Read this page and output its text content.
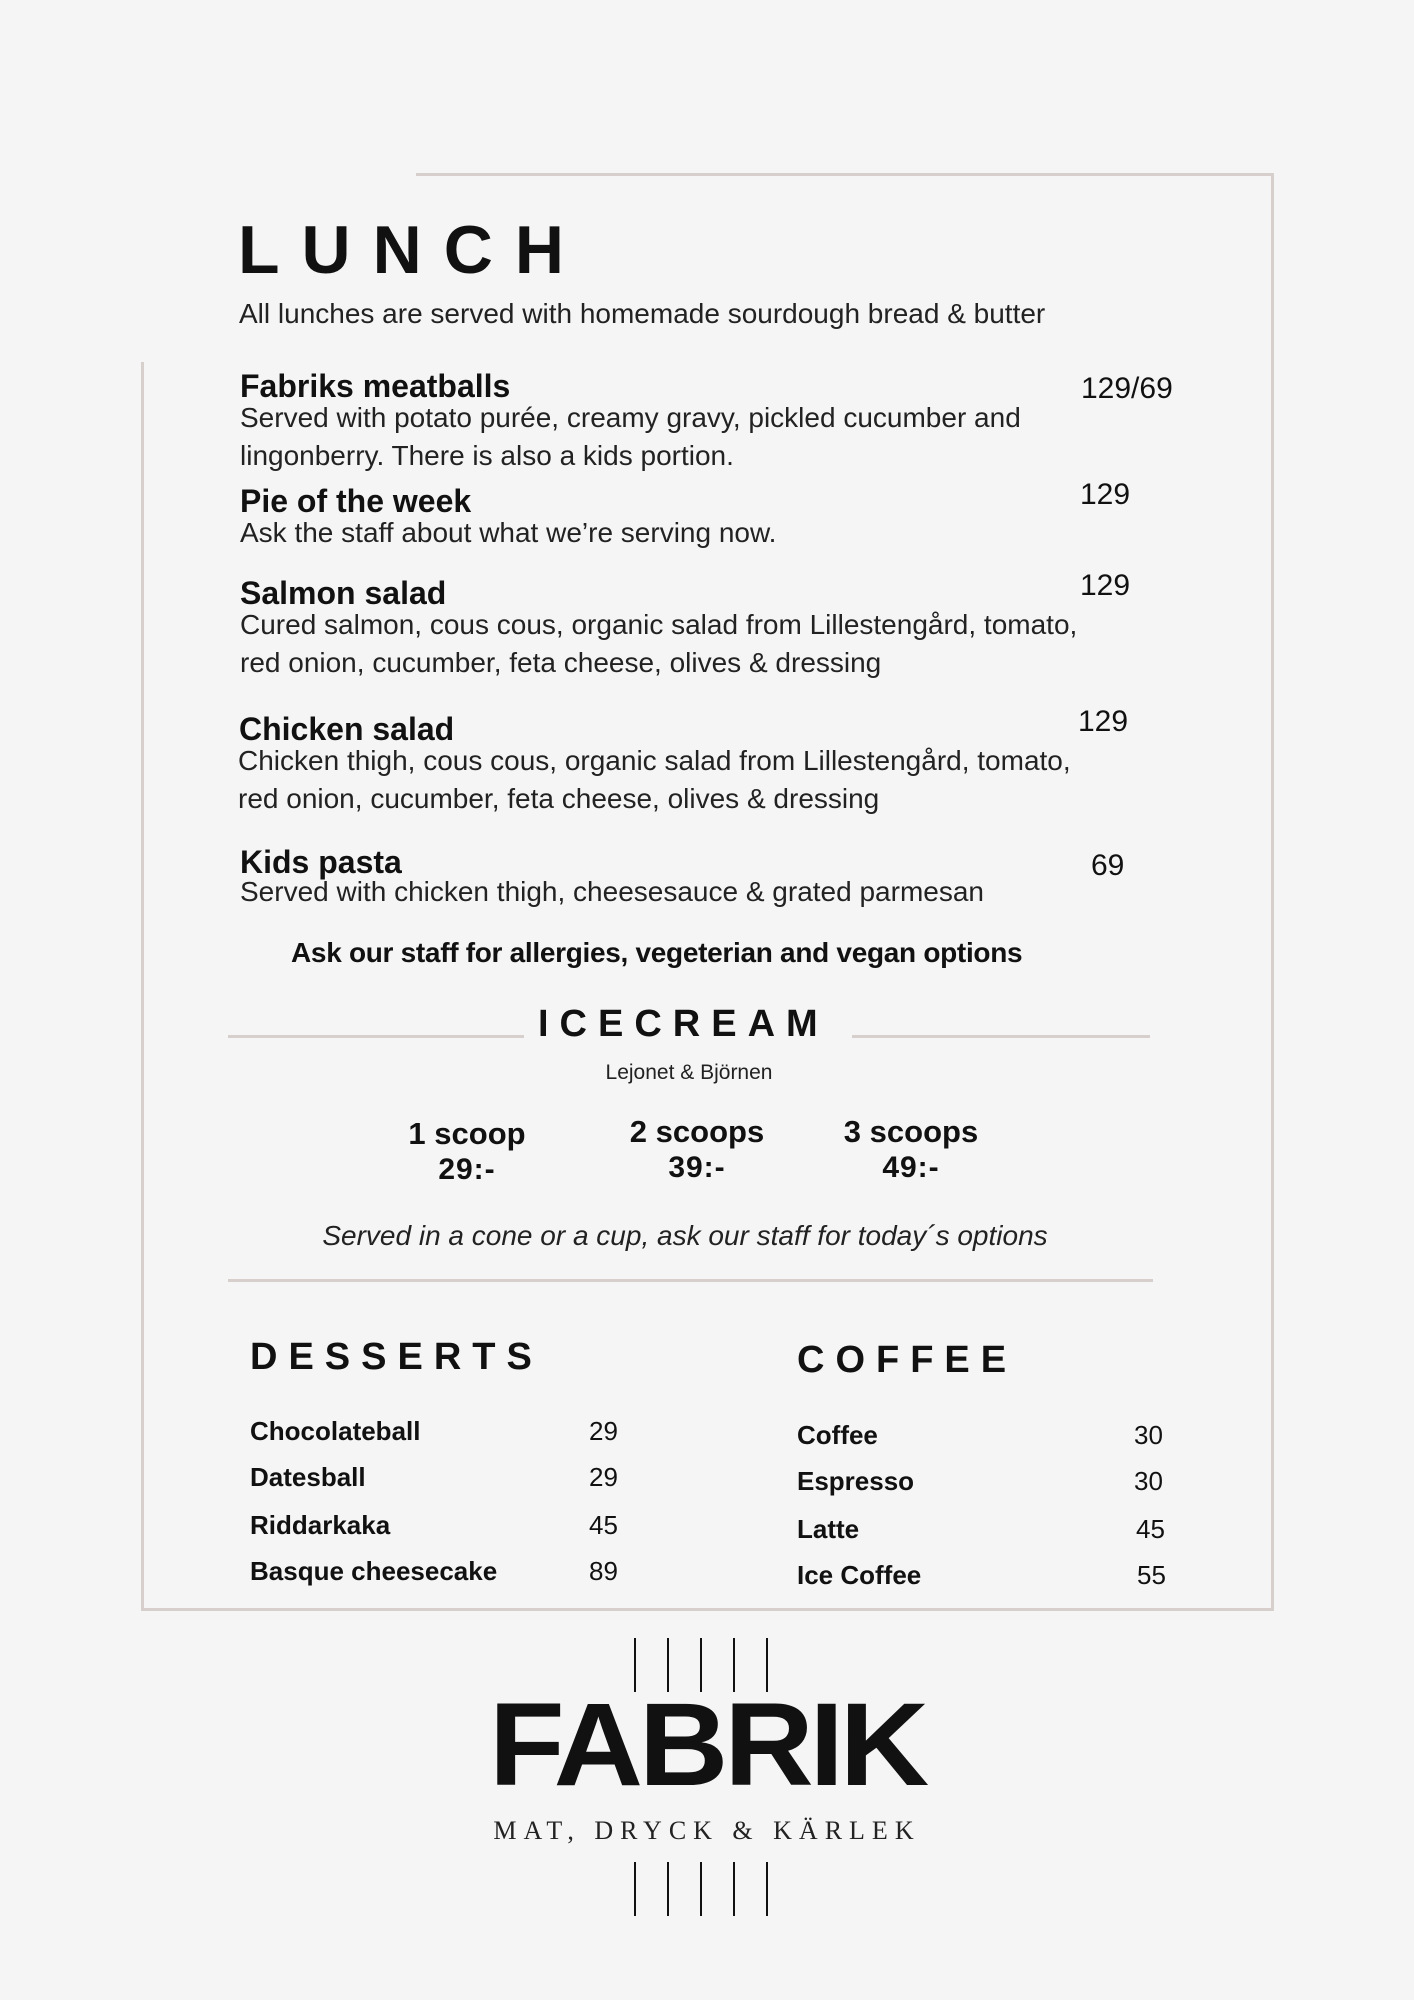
LUNCH
All lunches are served with homemade sourdough bread & butter
Fabriks meatballs	129/69
Served with potato purée, creamy gravy, pickled cucumber and lingonberry. There is also a kids portion.
Pie of the week	129
Ask the staff about what we’re serving now.
Salmon salad	129
Cured salmon, cous cous, organic salad from Lillestengård, tomato, red onion, cucumber, feta cheese, olives & dressing
Chicken salad	129
Chicken thigh, cous cous, organic salad from Lillestengård, tomato, red onion, cucumber, feta cheese, olives & dressing
Kids pasta	69
Served with chicken thigh, cheesesauce & grated parmesan
Ask our staff for allergies, vegeterian and vegan options
ICECREAM
Lejonet & Björnen
1 scoop
29:-
2 scoops
39:-
3 scoops
49:-
Served in a cone or a cup, ask our staff for today´s options
DESSERTS
Chocolateball	29
Datesball	29
Riddarkaka	45
Basque cheesecake	89
COFFEE
Coffee	30
Espresso	30
Latte	45
Ice Coffee	55
FABRIK
MAT, DRYCK & KÄRLEK
